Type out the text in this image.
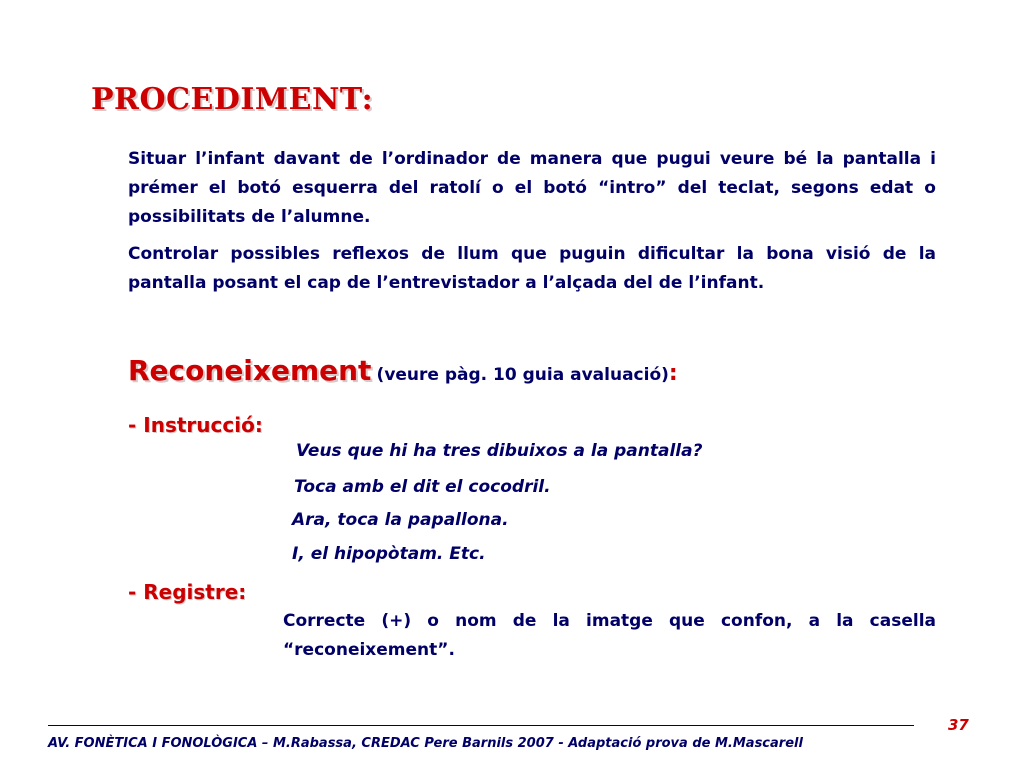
PROCEDIMENT:
Situar l’infant davant de l’ordinador de manera que pugui veure bé la pantalla i prémer el botó esquerra del ratolí o el botó “intro” del teclat, segons edat o possibilitats de l’alumne.
Controlar possibles reflexos de llum que puguin dificultar la bona visió de la pantalla posant el cap de l’entrevistador a l’alçada del de l’infant.
Reconeixement (veure pàg. 10 guia avaluació):
- Instrucció:
Veus que hi ha tres dibuixos a la pantalla?
Toca amb el dit el cocodril.
Ara, toca la papallona.
I, el hipopòtam. Etc.
- Registre:
Correcte (+) o nom de la imatge que confon, a la casella “reconeixement”.
37
AV. FONÈTICA I FONOLÒGICA – M.Rabassa, CREDAC Pere Barnils 2007 - Adaptació prova de M.Mascarell
